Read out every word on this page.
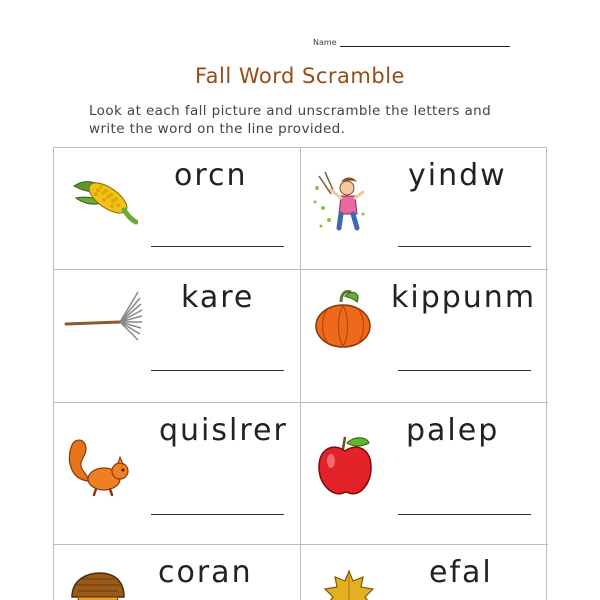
Name
Fall Word Scramble
Look at each fall picture and unscramble the letters and write the word on the line provided.
orcn	yindw
kare	kippunm
quislrer	palep
coran	efal
